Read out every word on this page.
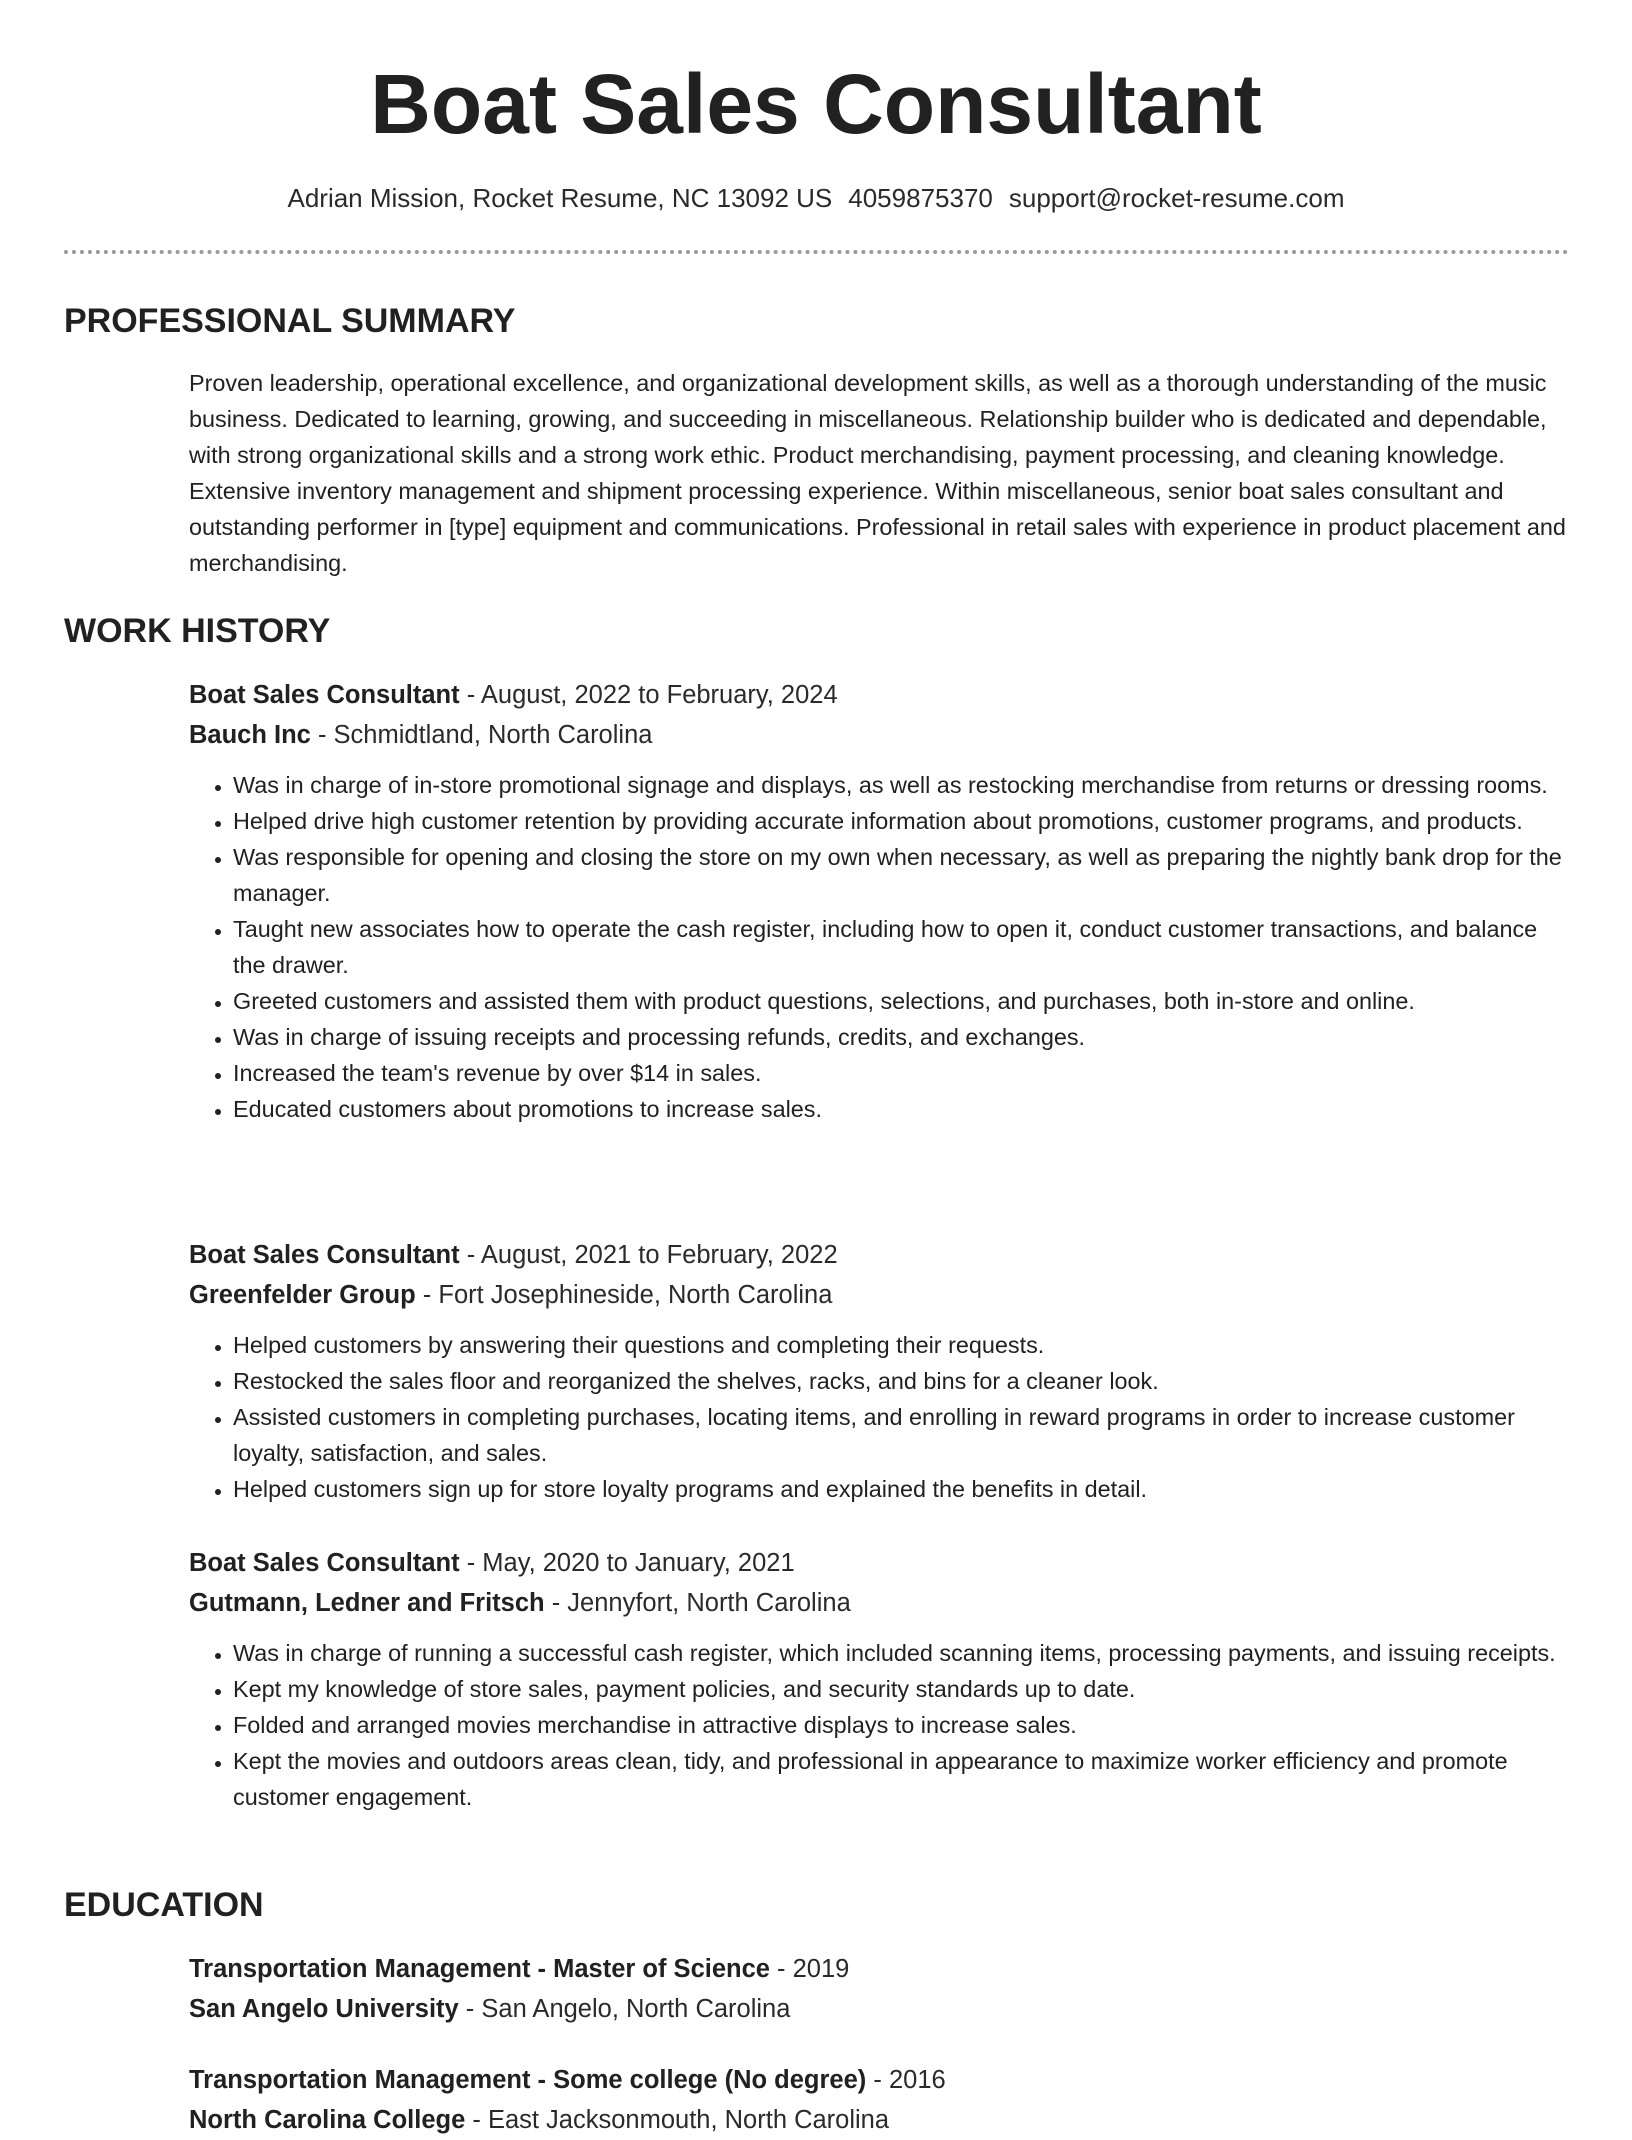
Boat Sales Consultant
Adrian Mission, Rocket Resume, NC 13092 US 4059875370 support@rocket-resume.com
PROFESSIONAL SUMMARY

Proven leadership, operational excellence, and organizational development skills, as well as a thorough understanding of the music business. Dedicated to learning, growing, and succeeding in miscellaneous. Relationship builder who is dedicated and dependable, with strong organizational skills and a strong work ethic. Product merchandising, payment processing, and cleaning knowledge. Extensive inventory management and shipment processing experience. Within miscellaneous, senior boat sales consultant and outstanding performer in [type] equipment and communications. Professional in retail sales with experience in product placement and merchandising.

WORK HISTORY
Boat Sales Consultant - August, 2022 to February, 2024
Bauch Inc - Schmidtland, North Carolina
• Was in charge of in-store promotional signage and displays, as well as restocking merchandise from returns or dressing rooms.
• Helped drive high customer retention by providing accurate information about promotions, customer programs, and products.
• Was responsible for opening and closing the store on my own when necessary, as well as preparing the nightly bank drop for the manager.
• Taught new associates how to operate the cash register, including how to open it, conduct customer transactions, and balance the drawer.
• Greeted customers and assisted them with product questions, selections, and purchases, both in-store and online.
• Was in charge of issuing receipts and processing refunds, credits, and exchanges.
• Increased the team's revenue by over $14 in sales.
• Educated customers about promotions to increase sales.
Boat Sales Consultant - August, 2021 to February, 2022
Greenfelder Group - Fort Josephineside, North Carolina
• Helped customers by answering their questions and completing their requests.
• Restocked the sales floor and reorganized the shelves, racks, and bins for a cleaner look.
• Assisted customers in completing purchases, locating items, and enrolling in reward programs in order to increase customer loyalty, satisfaction, and sales.
• Helped customers sign up for store loyalty programs and explained the benefits in detail.
Boat Sales Consultant - May, 2020 to January, 2021
Gutmann, Ledner and Fritsch - Jennyfort, North Carolina
• Was in charge of running a successful cash register, which included scanning items, processing payments, and issuing receipts.
• Kept my knowledge of store sales, payment policies, and security standards up to date.
• Folded and arranged movies merchandise in attractive displays to increase sales.
• Kept the movies and outdoors areas clean, tidy, and professional in appearance to maximize worker efficiency and promote customer engagement.
EDUCATION
Transportation Management - Master of Science - 2019
San Angelo University - San Angelo, North Carolina
Transportation Management - Some college (No degree) - 2016
North Carolina College - East Jacksonmouth, North Carolina
